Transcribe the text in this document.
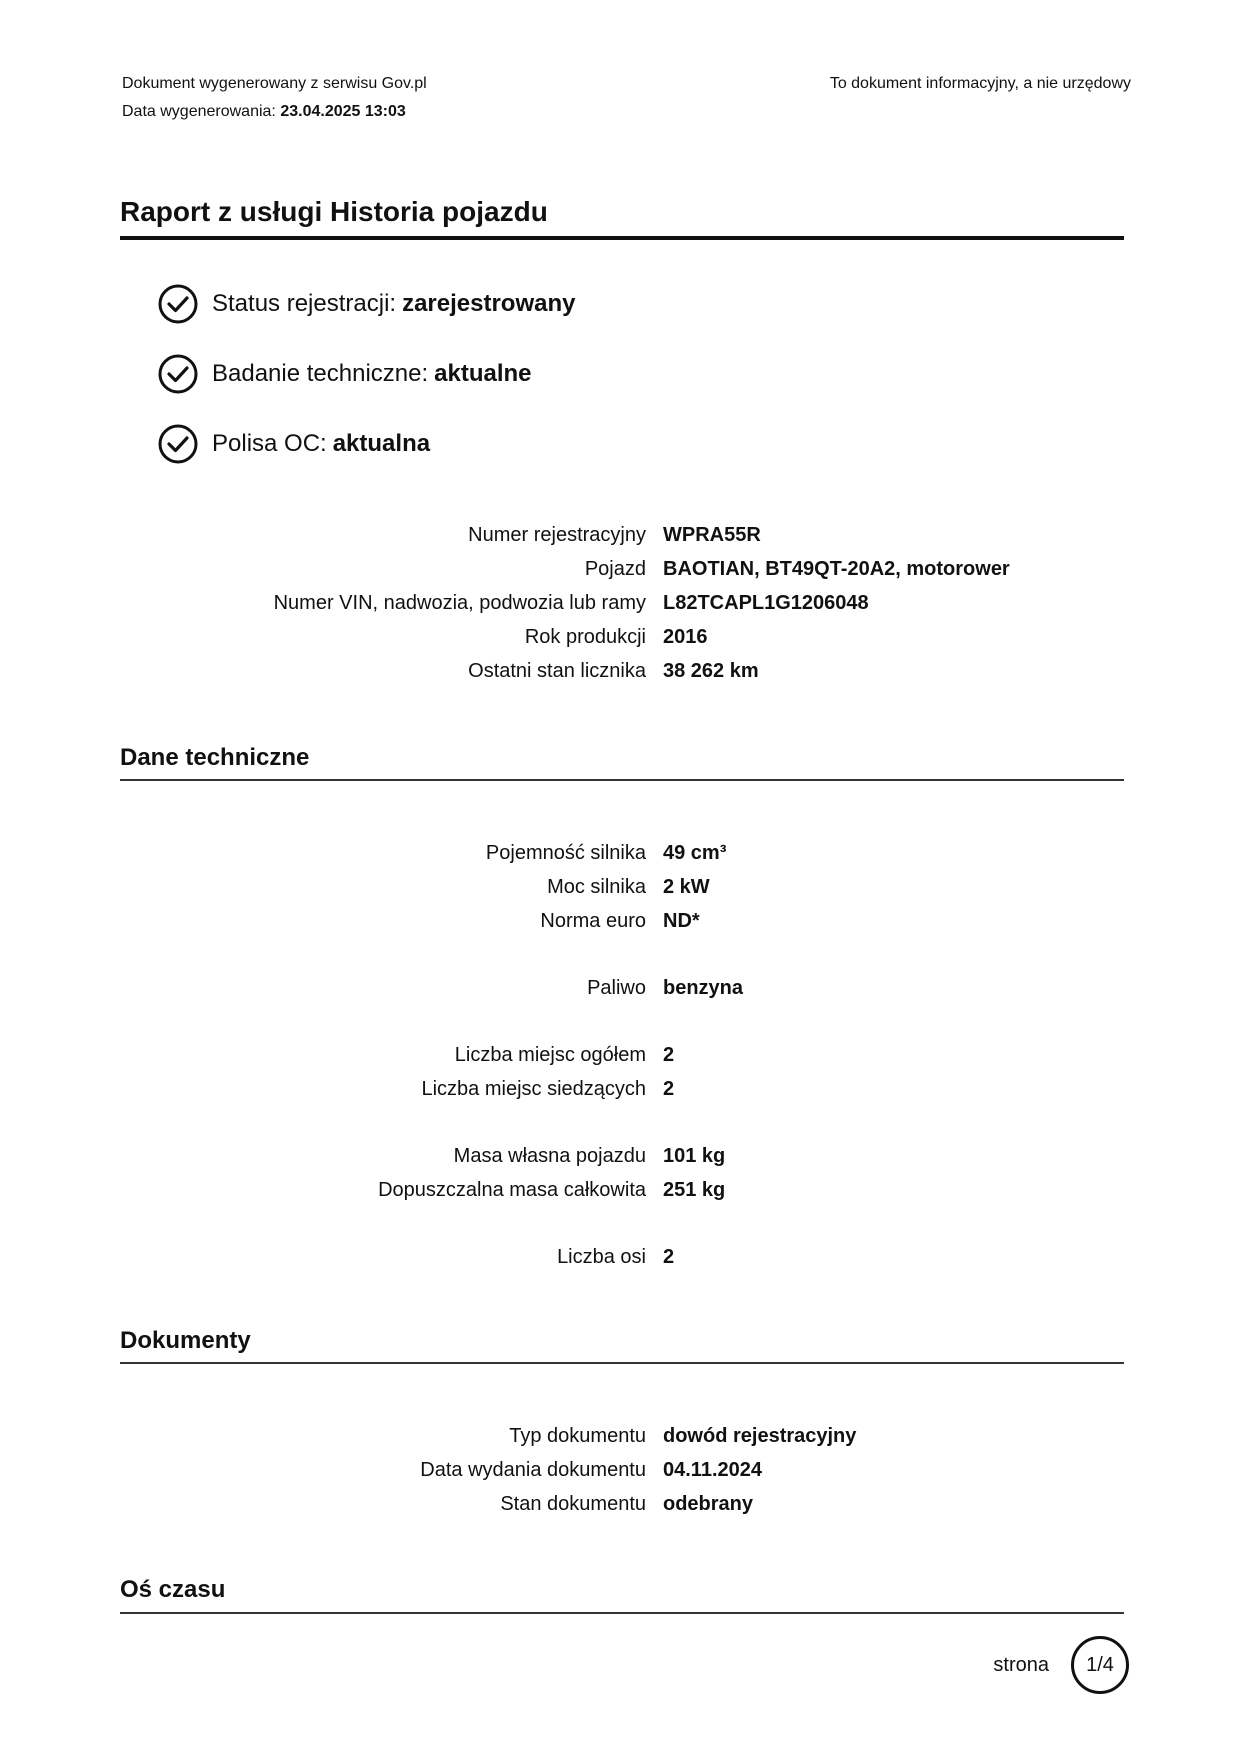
Dokument wygenerowany z serwisu Gov.pl
Data wygenerowania: 23.04.2025 13:03
To dokument informacyjny, a nie urzędowy
Raport z usługi Historia pojazdu
Status rejestracji: zarejestrowany
Badanie techniczne: aktualne
Polisa OC: aktualna
Numer rejestracyjny WPRA55R
Pojazd BAOTIAN, BT49QT-20A2, motorower
Numer VIN, nadwozia, podwozia lub ramy L82TCAPL1G1206048
Rok produkcji 2016
Ostatni stan licznika 38 262 km
Dane techniczne
Pojemność silnika 49 cm³
Moc silnika 2 kW
Norma euro ND*
Paliwo benzyna
Liczba miejsc ogółem 2
Liczba miejsc siedzących 2
Masa własna pojazdu 101 kg
Dopuszczalna masa całkowita 251 kg
Liczba osi 2
Dokumenty
Typ dokumentu dowód rejestracyjny
Data wydania dokumentu 04.11.2024
Stan dokumentu odebrany
Oś czasu
strona	1/4
